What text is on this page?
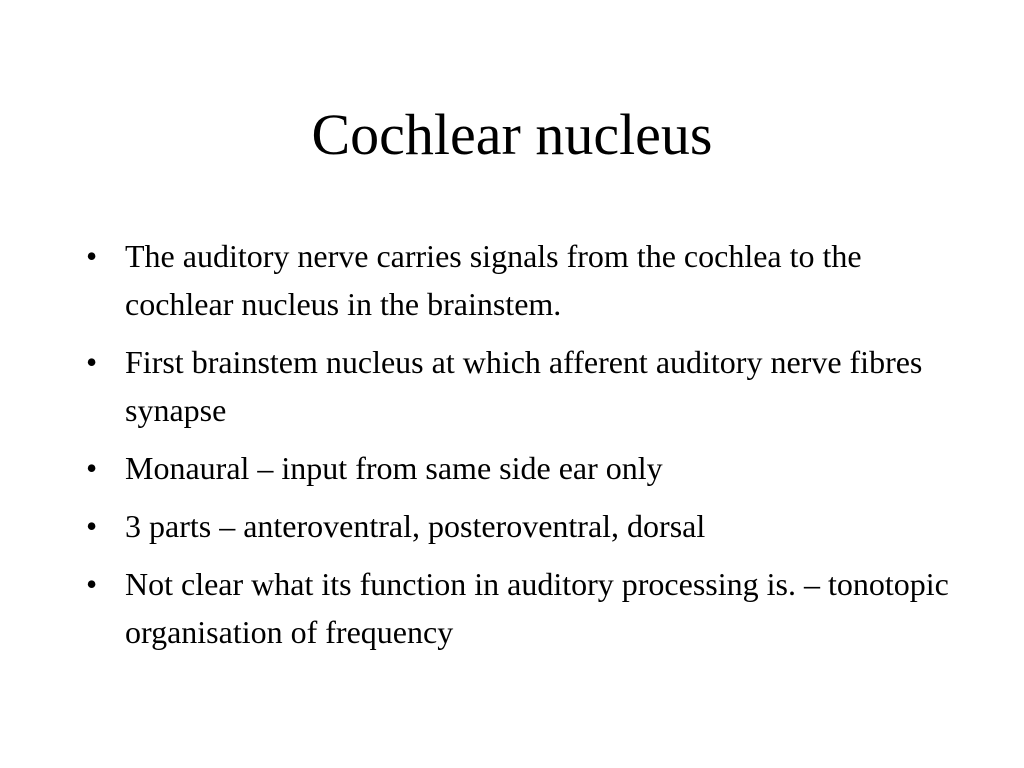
Cochlear nucleus
• The auditory nerve carries signals from the cochlea to the cochlear nucleus in the brainstem.
• First brainstem nucleus at which afferent auditory nerve fibres synapse
• Monaural – input from same side ear only
• 3 parts – anteroventral, posteroventral, dorsal
• Not clear what its function in auditory processing is. – tonotopic organisation of frequency
